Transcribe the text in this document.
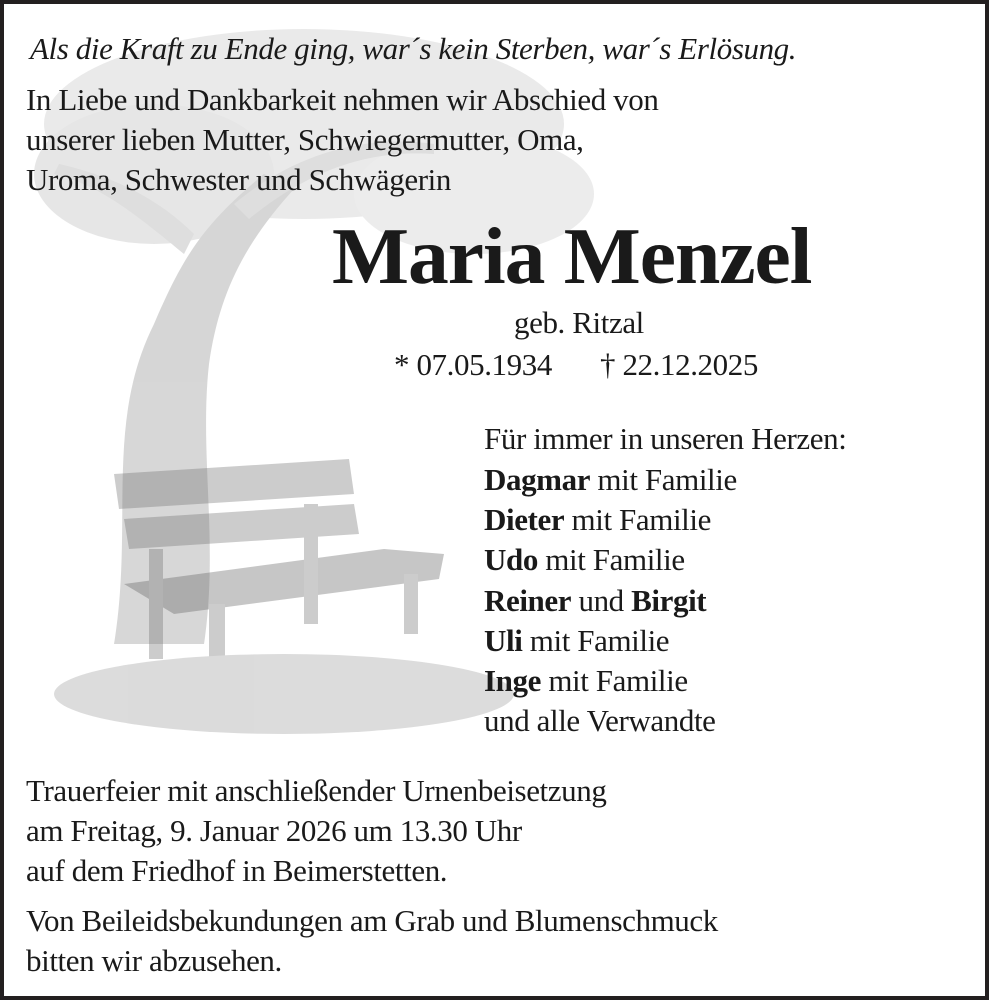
Als die Kraft zu Ende ging, war´s kein Sterben, war´s Erlösung.
In Liebe und Dankbarkeit nehmen wir Abschied von
unserer lieben Mutter, Schwiegermutter, Oma,
Uroma, Schwester und Schwägerin
Maria Menzel
geb. Ritzal
* 07.05.1934 † 22.12.2025
Für immer in unseren Herzen:
Dagmar mit Familie
Dieter mit Familie
Udo mit Familie
Reiner und Birgit
Uli mit Familie
Inge mit Familie
und alle Verwandte
Trauerfeier mit anschließender Urnenbeisetzung
am Freitag, 9. Januar 2026 um 13.30 Uhr
auf dem Friedhof in Beimerstetten.
Von Beileidsbekundungen am Grab und Blumenschmuck
bitten wir abzusehen.
